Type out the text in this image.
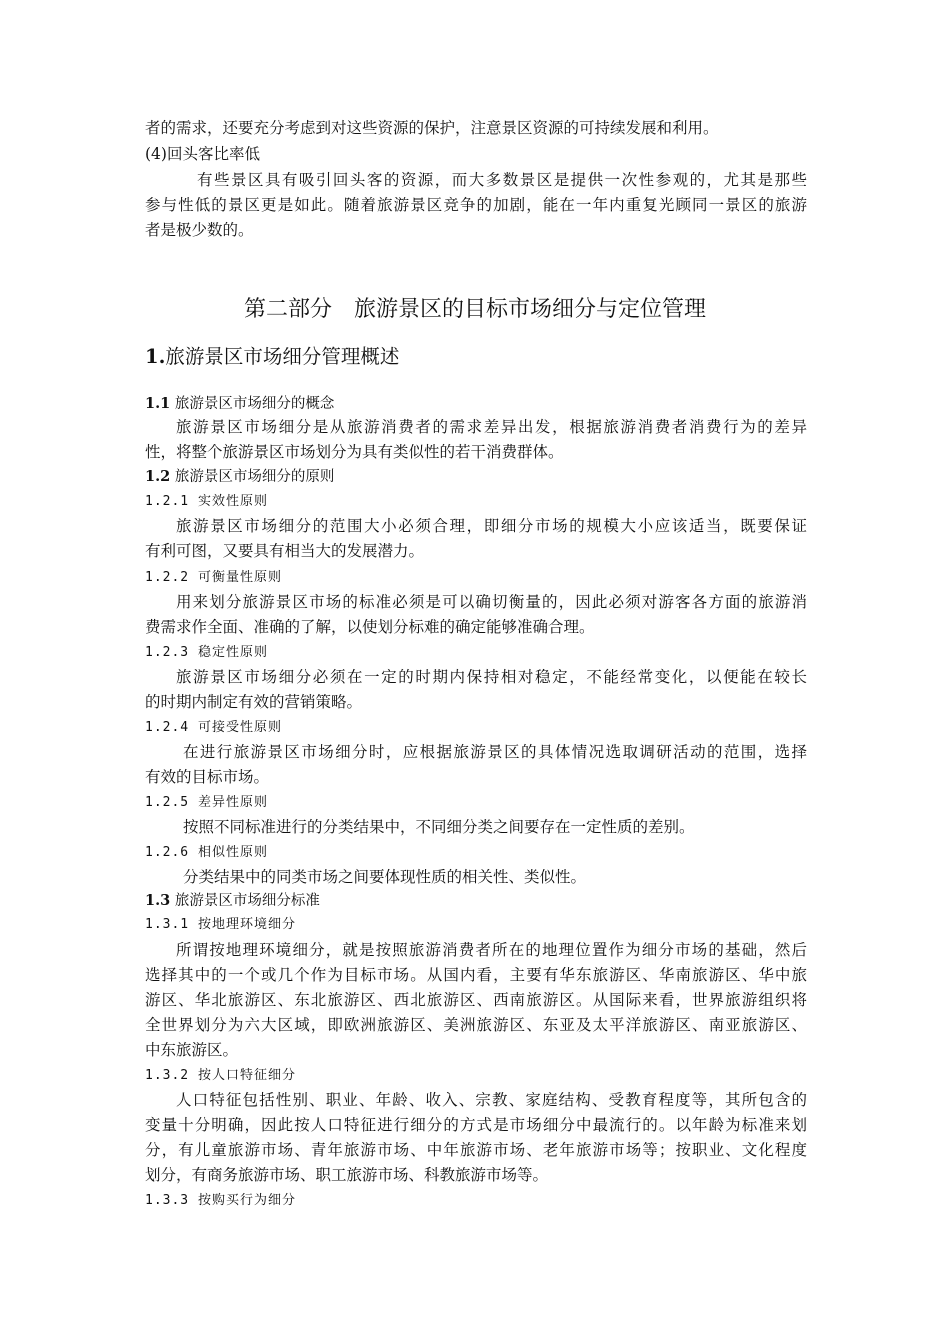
者的需求，还要充分考虑到对这些资源的保护，注意景区资源的可持续发展和利用。

(4)回头客比率低

有些景区具有吸引回头客的资源，而大多数景区是提供一次性参观的，尤其是那些

参与性低的景区更是如此。随着旅游景区竞争的加剧，能在一年内重复光顾同一景区的旅游

者是极少数的。

第二部分　旅游景区的目标市场细分与定位管理
1.旅游景区市场细分管理概述

1.1 旅游景区市场细分的概念

旅游景区市场细分是从旅游消费者的需求差异出发，根据旅游消费者消费行为的差异

性，将整个旅游景区市场划分为具有类似性的若干消费群体。

1.2 旅游景区市场细分的原则

1.2.1 实效性原则

旅游景区市场细分的范围大小必须合理，即细分市场的规模大小应该适当，既要保证

有利可图，又要具有相当大的发展潜力。

1.2.2 可衡量性原则

用来划分旅游景区市场的标准必须是可以确切衡量的，因此必须对游客各方面的旅游消

费需求作全面、准确的了解，以使划分标难的确定能够准确合理。

1.2.3 稳定性原则

旅游景区市场细分必须在一定的时期内保持相对稳定，不能经常变化，以便能在较长

的时期内制定有效的营销策略。

1.2.4 可接受性原则

在进行旅游景区市场细分时，应根据旅游景区的具体情况选取调研活动的范围，选择

有效的目标市场。

1.2.5 差异性原则

按照不同标准进行的分类结果中，不同细分类之间要存在一定性质的差别。

1.2.6 相似性原则

分类结果中的同类市场之间要体现性质的相关性、类似性。

1.3 旅游景区市场细分标准

1.3.1 按地理环境细分

所谓按地理环境细分，就是按照旅游消费者所在的地理位置作为细分市场的基础，然后

选择其中的一个或几个作为目标市场。从国内看，主要有华东旅游区、华南旅游区、华中旅

游区、华北旅游区、东北旅游区、西北旅游区、西南旅游区。从国际来看，世界旅游组织将

全世界划分为六大区域，即欧洲旅游区、美洲旅游区、东亚及太平洋旅游区、南亚旅游区、

中东旅游区。

1.3.2 按人口特征细分

人口特征包括性别、职业、年龄、收入、宗教、家庭结构、受教育程度等，其所包含的

变量十分明确，因此按人口特征进行细分的方式是市场细分中最流行的。以年龄为标准来划

分，有儿童旅游市场、青年旅游市场、中年旅游市场、老年旅游市场等；按职业、文化程度

划分，有商务旅游市场、职工旅游市场、科教旅游市场等。

1.3.3 按购买行为细分
